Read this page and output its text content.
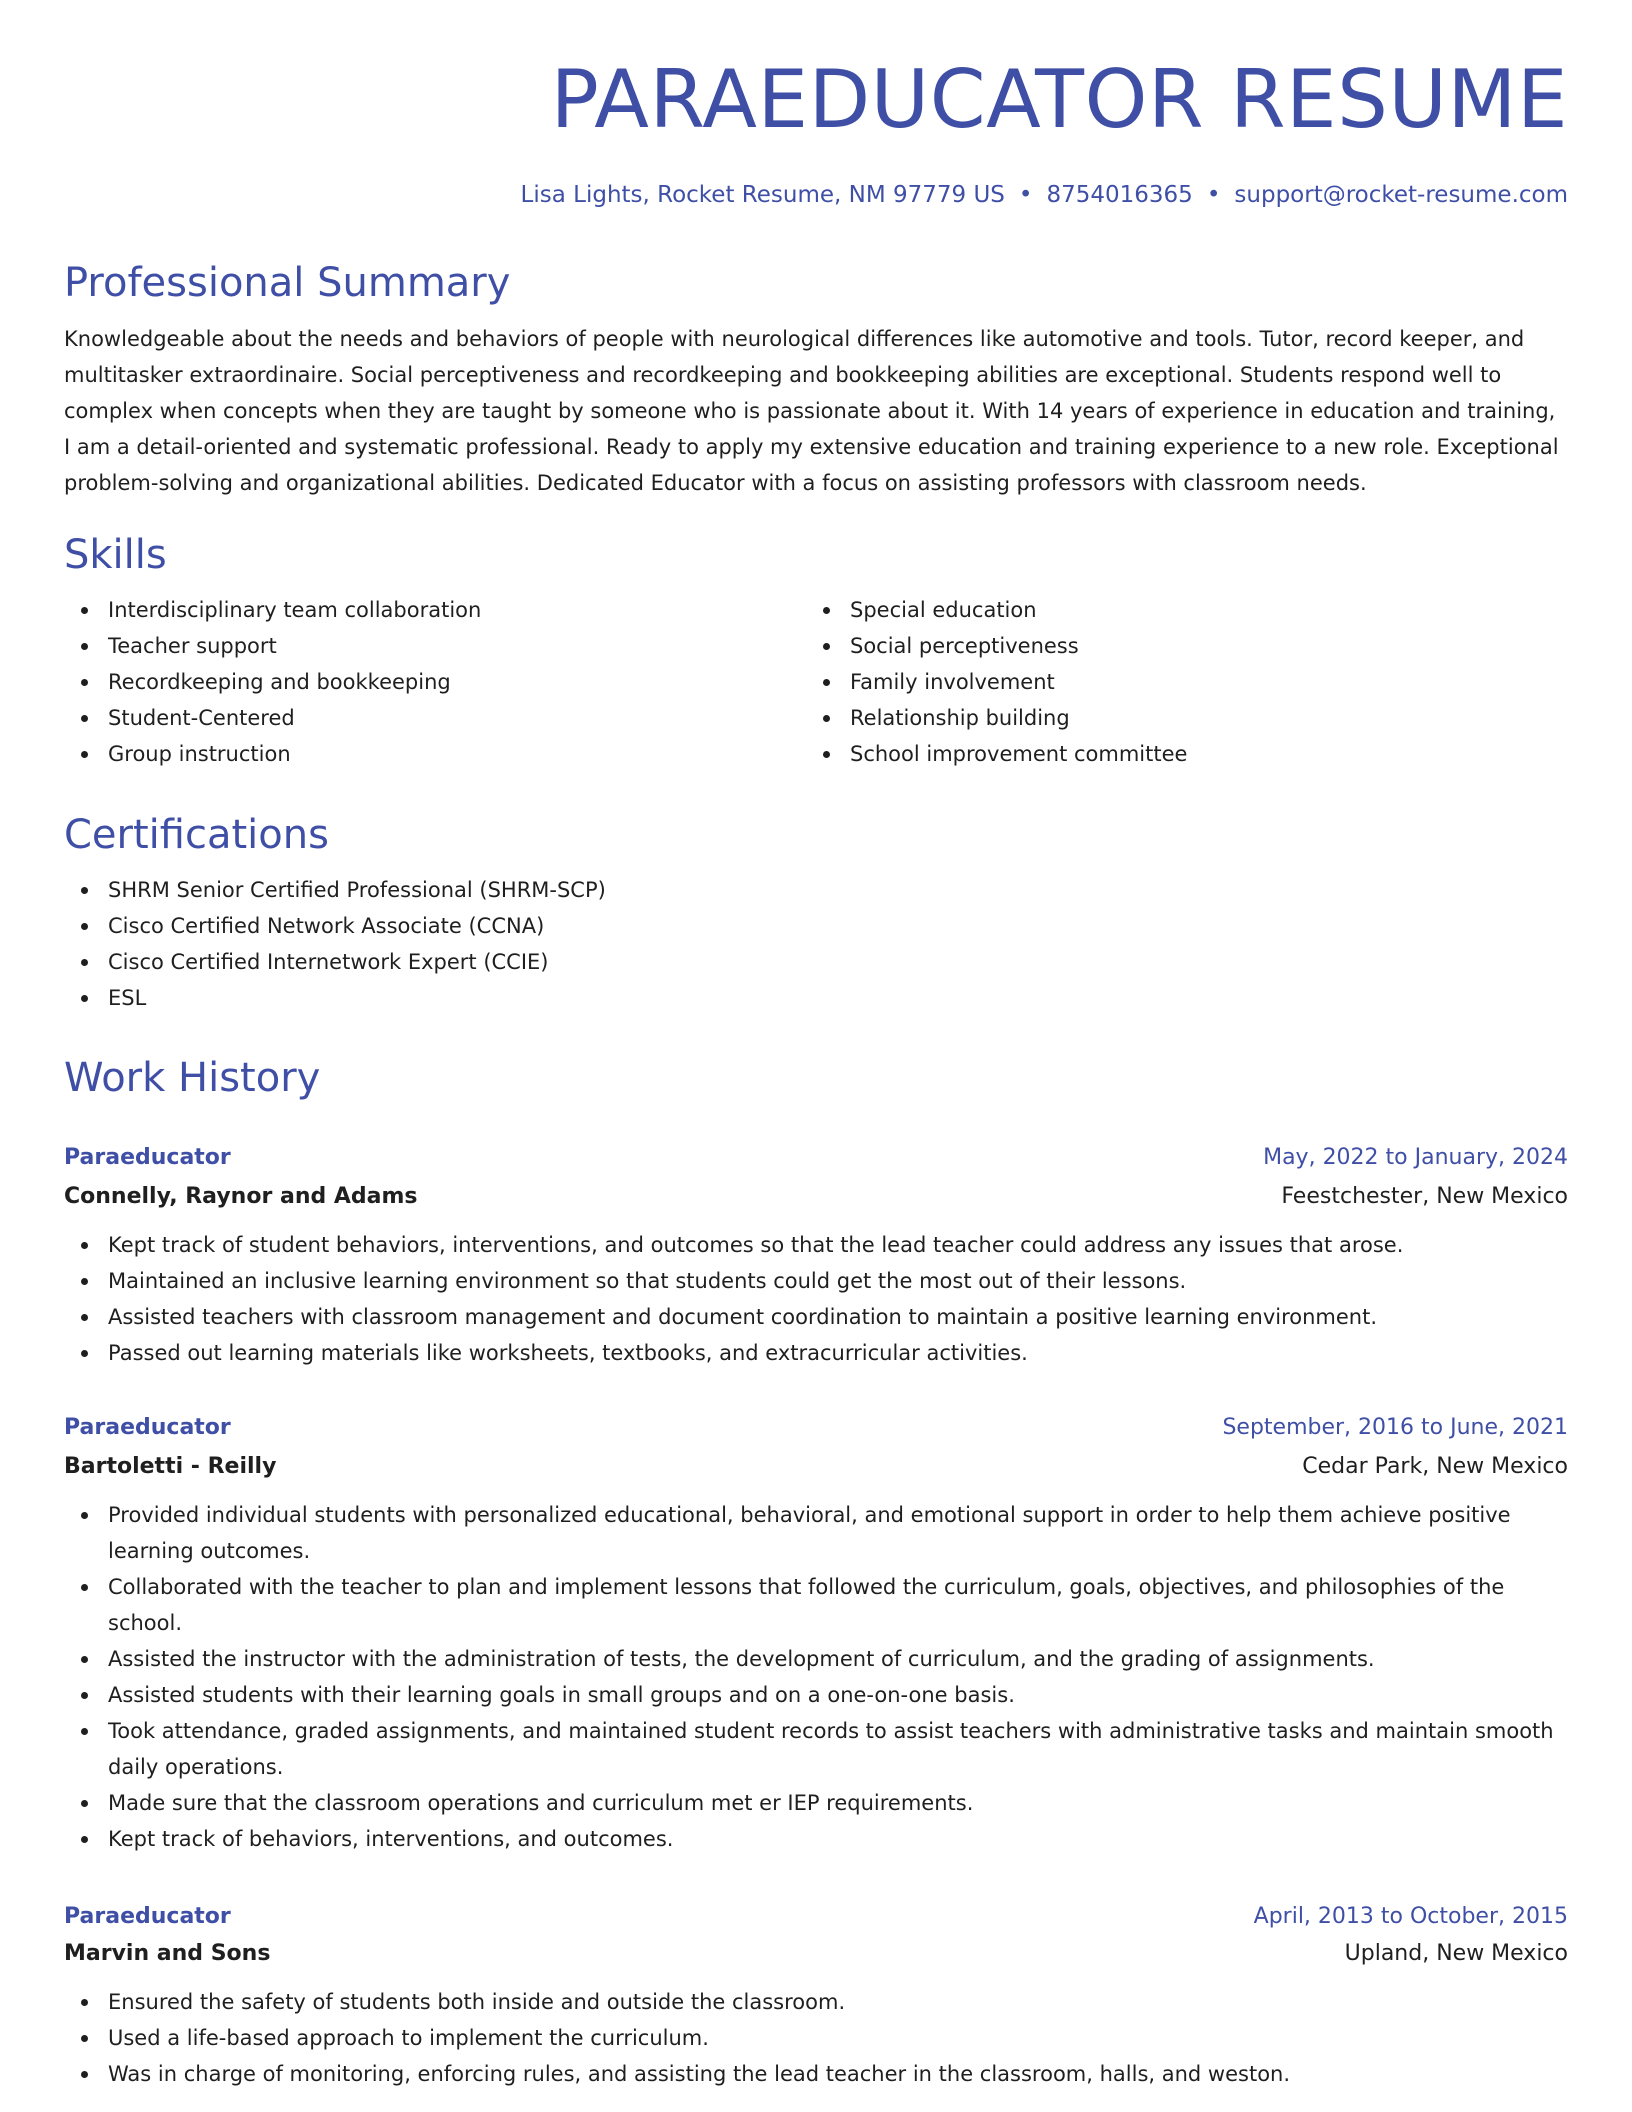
PARAEDUCATOR RESUME
Lisa Lights, Rocket Resume, NM 97779 US • 8754016365 • support@rocket-resume.com
Professional Summary

Knowledgeable about the needs and behaviors of people with neurological differences like automotive and tools. Tutor, record keeper, and multitasker extraordinaire. Social perceptiveness and recordkeeping and bookkeeping abilities are exceptional. Students respond well to complex when concepts when they are taught by someone who is passionate about it. With 14 years of experience in education and training, I am a detail-oriented and systematic professional. Ready to apply my extensive education and training experience to a new role. Exceptional problem-solving and organizational abilities. Dedicated Educator with a focus on assisting professors with classroom needs.

Skills
Interdisciplinary team collaboration
Teacher support
Recordkeeping and bookkeeping
Student-Centered
Group instruction
Special education
Social perceptiveness
Family involvement
Relationship building
School improvement committee
Certifications
SHRM Senior Certified Professional (SHRM-SCP)
Cisco Certified Network Associate (CCNA)
Cisco Certified Internetwork Expert (CCIE)
ESL
Work History
Paraeducator	May, 2022 to January, 2024
Connelly, Raynor and Adams	Feestchester, New Mexico
Kept track of student behaviors, interventions, and outcomes so that the lead teacher could address any issues that arose.
Maintained an inclusive learning environment so that students could get the most out of their lessons.
Assisted teachers with classroom management and document coordination to maintain a positive learning environment.
Passed out learning materials like worksheets, textbooks, and extracurricular activities.
Paraeducator	September, 2016 to June, 2021
Bartoletti - Reilly	Cedar Park, New Mexico
Provided individual students with personalized educational, behavioral, and emotional support in order to help them achieve positive learning outcomes.
Collaborated with the teacher to plan and implement lessons that followed the curriculum, goals, objectives, and philosophies of the school.
Assisted the instructor with the administration of tests, the development of curriculum, and the grading of assignments.
Assisted students with their learning goals in small groups and on a one-on-one basis.
Took attendance, graded assignments, and maintained student records to assist teachers with administrative tasks and maintain smooth daily operations.
Made sure that the classroom operations and curriculum met er IEP requirements.
Kept track of behaviors, interventions, and outcomes.
Paraeducator	April, 2013 to October, 2015
Marvin and Sons	Upland, New Mexico
Ensured the safety of students both inside and outside the classroom.
Used a life-based approach to implement the curriculum.
Was in charge of monitoring, enforcing rules, and assisting the lead teacher in the classroom, halls, and weston.
